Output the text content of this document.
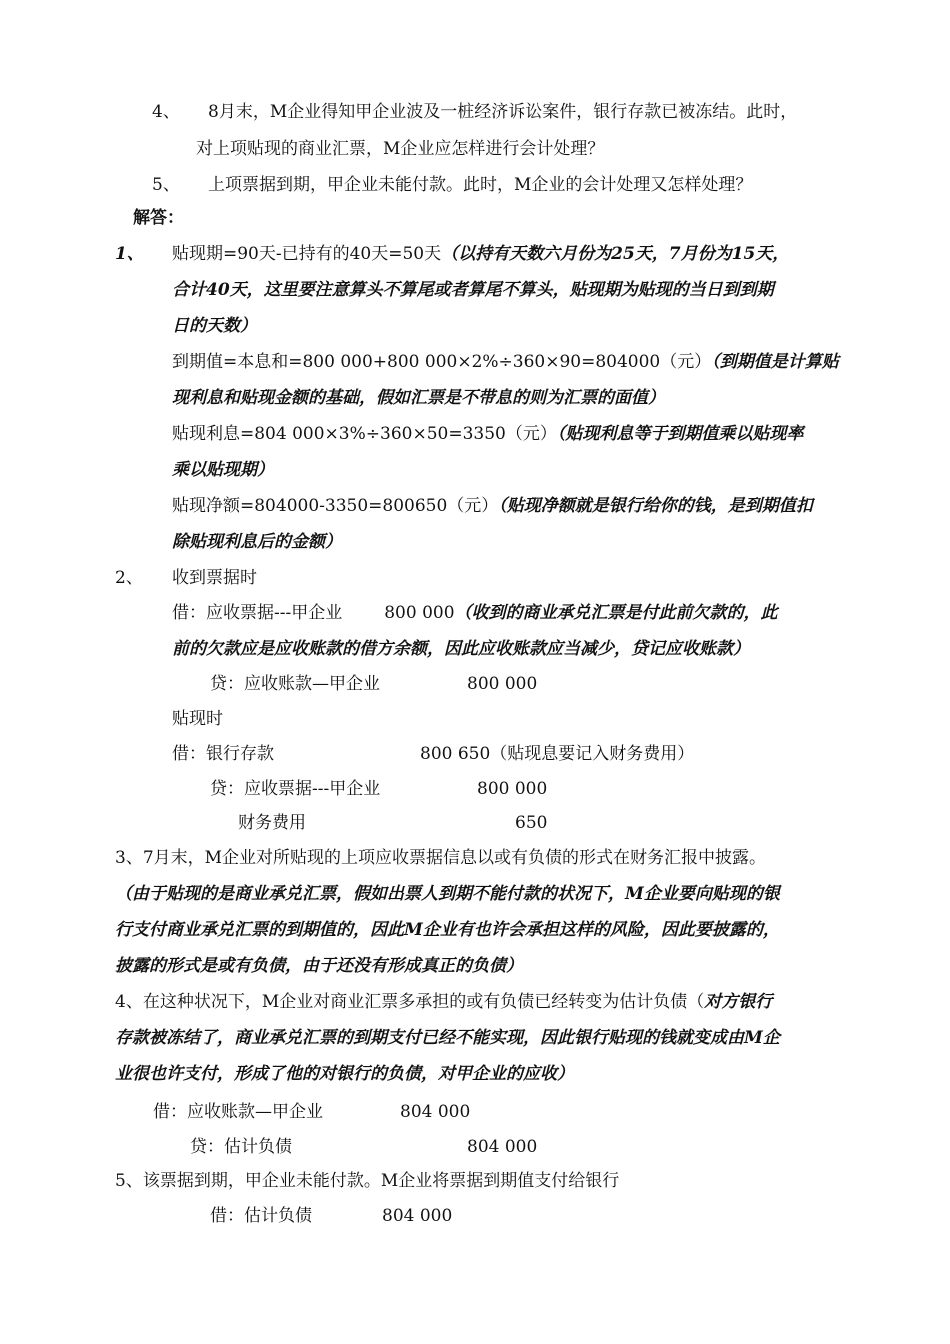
4、 8月末，M企业得知甲企业波及一桩经济诉讼案件，银行存款已被冻结。此时，
对上项贴现的商业汇票，M企业应怎样进行会计处理？
5、 上项票据到期，甲企业未能付款。此时，M企业的会计处理又怎样处理？
解答：
1、 贴现期=90天-已持有的40天=50天（以持有天数六月份为25天，7月份为15天，
合计40天，这里要注意算头不算尾或者算尾不算头，贴现期为贴现的当日到到期
日的天数）
到期值=本息和=800 000+800 000×2%÷360×90=804000（元）（到期值是计算贴
现利息和贴现金额的基础，假如汇票是不带息的则为汇票的面值）
贴现利息=804 000×3%÷360×50=3350（元）（贴现利息等于到期值乘以贴现率
乘以贴现期）
贴现净额=804000-3350=800650（元）（贴现净额就是银行给你的钱，是到期值扣
除贴现利息后的金额）
2、 收到票据时
借：应收票据---甲企业 800 000（收到的商业承兑汇票是付此前欠款的，此
前的欠款应是应收账款的借方余额，因此应收账款应当减少，贷记应收账款）
贷：应收账款—甲企业	800 000
贴现时
借：银行存款	800 650（贴现息要记入财务费用）
贷：应收票据---甲企业	800 000
财务费用	650
3、7月末，M企业对所贴现的上项应收票据信息以或有负债的形式在财务汇报中披露。
（由于贴现的是商业承兑汇票，假如出票人到期不能付款的状况下，M企业要向贴现的银
行支付商业承兑汇票的到期值的，因此M企业有也许会承担这样的风险，因此要披露的，
披露的形式是或有负债，由于还没有形成真正的负债）
4、在这种状况下，M企业对商业汇票多承担的或有负债已经转变为估计负债（对方银行
存款被冻结了，商业承兑汇票的到期支付已经不能实现，因此银行贴现的钱就变成由M企
业很也许支付，形成了他的对银行的负债，对甲企业的应收）
借：应收账款—甲企业	804 000
贷：估计负债	804 000
5、该票据到期，甲企业未能付款。M企业将票据到期值支付给银行
借：估计负债	804 000
